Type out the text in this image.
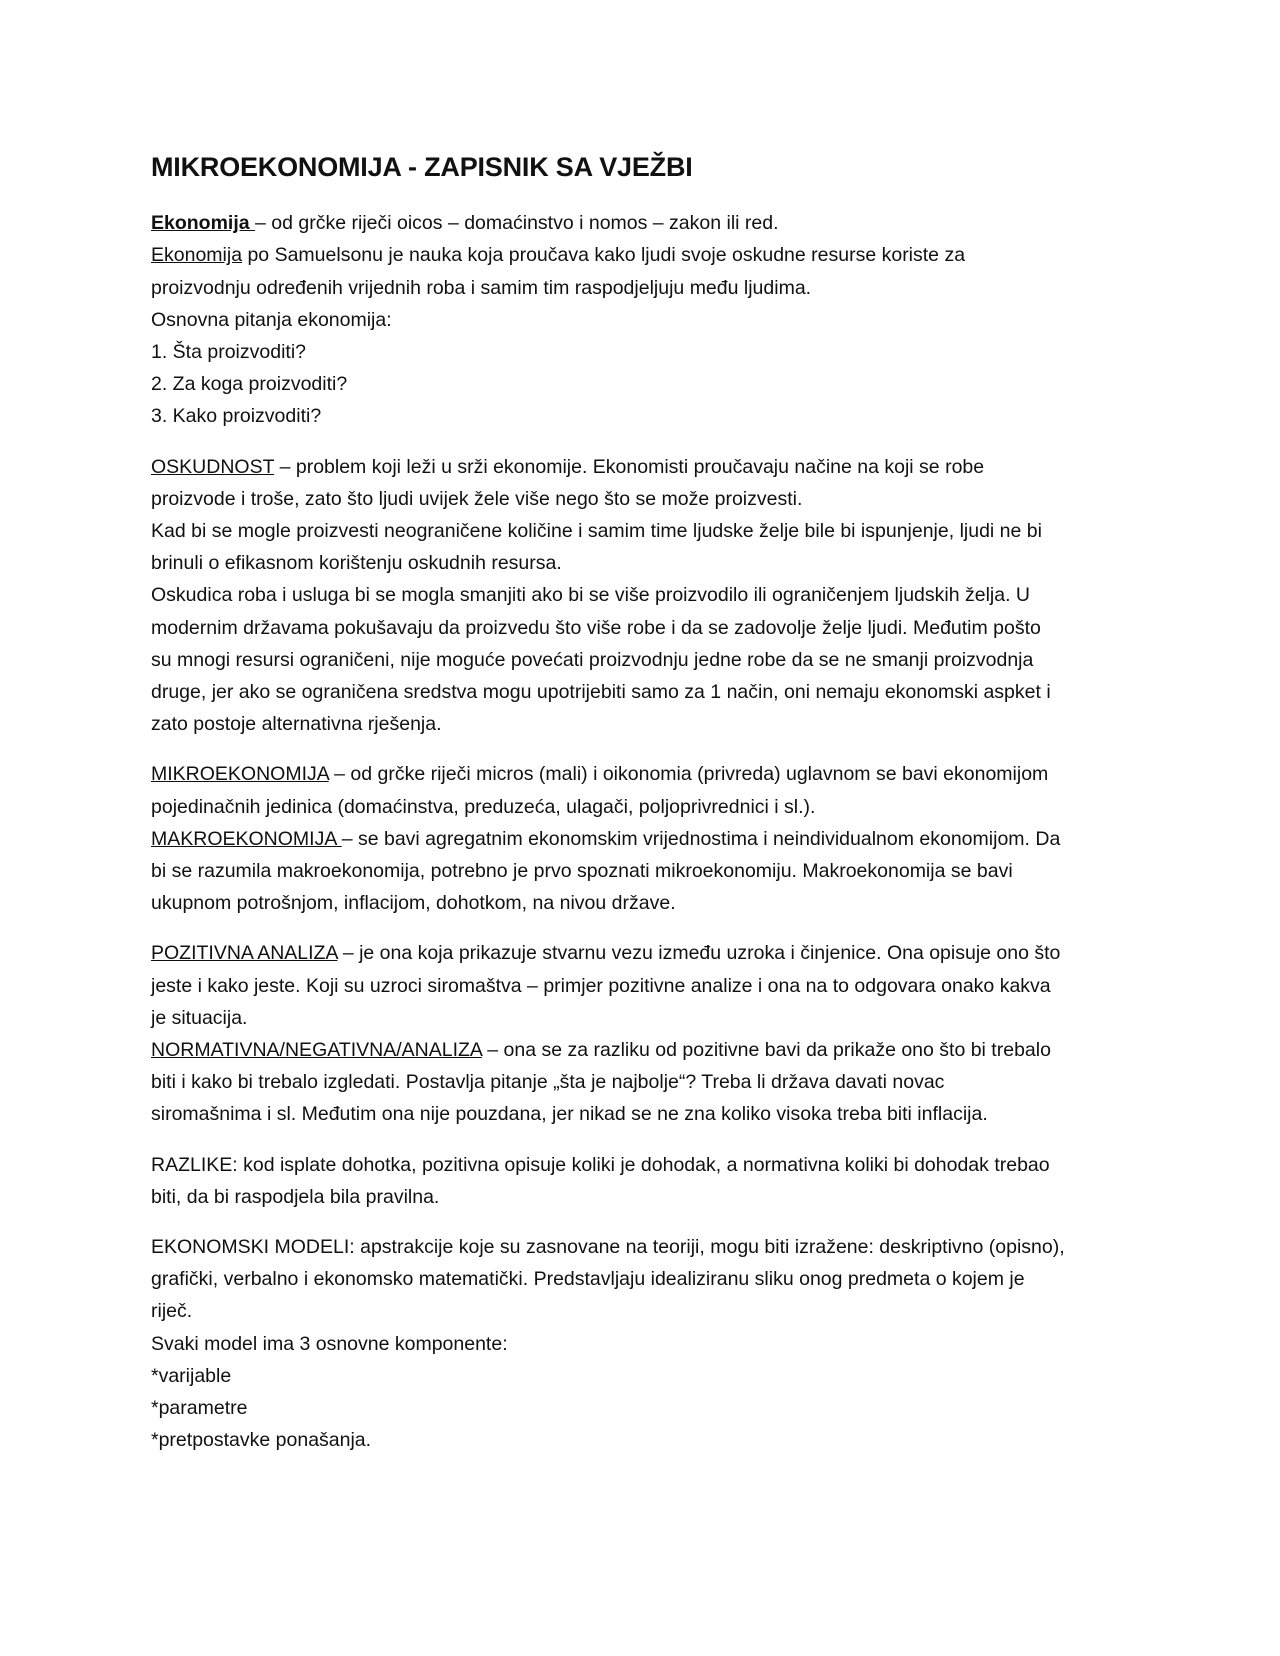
MIKROEKONOMIJA - ZAPISNIK SA VJEŽBI
Ekonomija – od grčke riječi oicos – domaćinstvo i nomos – zakon ili red.
Ekonomija po Samuelsonu je nauka koja proučava kako ljudi svoje oskudne resurse koriste za
proizvodnju određenih vrijednih roba i samim tim raspodjeljuju među ljudima.
Osnovna pitanja ekonomija:
1. Šta proizvoditi?
2. Za koga proizvoditi?
3. Kako proizvoditi?
OSKUDNOST – problem koji leži u srži ekonomije. Ekonomisti proučavaju načine na koji se robe
proizvode i troše, zato što ljudi uvijek žele više nego što se može proizvesti.
Kad bi se mogle proizvesti neograničene količine i samim time ljudske želje bile bi ispunjenje, ljudi ne bi
brinuli o efikasnom korištenju oskudnih resursa.
Oskudica roba i usluga bi se mogla smanjiti ako bi se više proizvodilo ili ograničenjem ljudskih želja. U
modernim državama pokušavaju da proizvedu što više robe i da se zadovolje želje ljudi. Međutim pošto
su mnogi resursi ograničeni, nije moguće povećati proizvodnju jedne robe da se ne smanji proizvodnja
druge, jer ako se ograničena sredstva mogu upotrijebiti samo za 1 način, oni nemaju ekonomski aspket i
zato postoje alternativna rješenja.
MIKROEKONOMIJA – od grčke riječi micros (mali) i oikonomia (privreda) uglavnom se bavi ekonomijom
pojedinačnih jedinica (domaćinstva, preduzeća, ulagači, poljoprivrednici i sl.).
MAKROEKONOMIJA – se bavi agregatnim ekonomskim vrijednostima i neindividualnom ekonomijom. Da
bi se razumila makroekonomija, potrebno je prvo spoznati mikroekonomiju. Makroekonomija se bavi
ukupnom potrošnjom, inflacijom, dohotkom, na nivou države.
POZITIVNA ANALIZA – je ona koja prikazuje stvarnu vezu između uzroka i činjenice. Ona opisuje ono što
jeste i kako jeste. Koji su uzroci siromaštva – primjer pozitivne analize i ona na to odgovara onako kakva
je situacija.
NORMATIVNA/NEGATIVNA/ANALIZA – ona se za razliku od pozitivne bavi da prikaže ono što bi trebalo
biti i kako bi trebalo izgledati. Postavlja pitanje „šta je najbolje“? Treba li država davati novac
siromašnima i sl. Međutim ona nije pouzdana, jer nikad se ne zna koliko visoka treba biti inflacija.
RAZLIKE: kod isplate dohotka, pozitivna opisuje koliki je dohodak, a normativna koliki bi dohodak trebao
biti, da bi raspodjela bila pravilna.
EKONOMSKI MODELI: apstrakcije koje su zasnovane na teoriji, mogu biti izražene: deskriptivno (opisno),
grafički, verbalno i ekonomsko matematički. Predstavljaju idealiziranu sliku onog predmeta o kojem je
riječ.
Svaki model ima 3 osnovne komponente:
*varijable
*parametre
*pretpostavke ponašanja.
